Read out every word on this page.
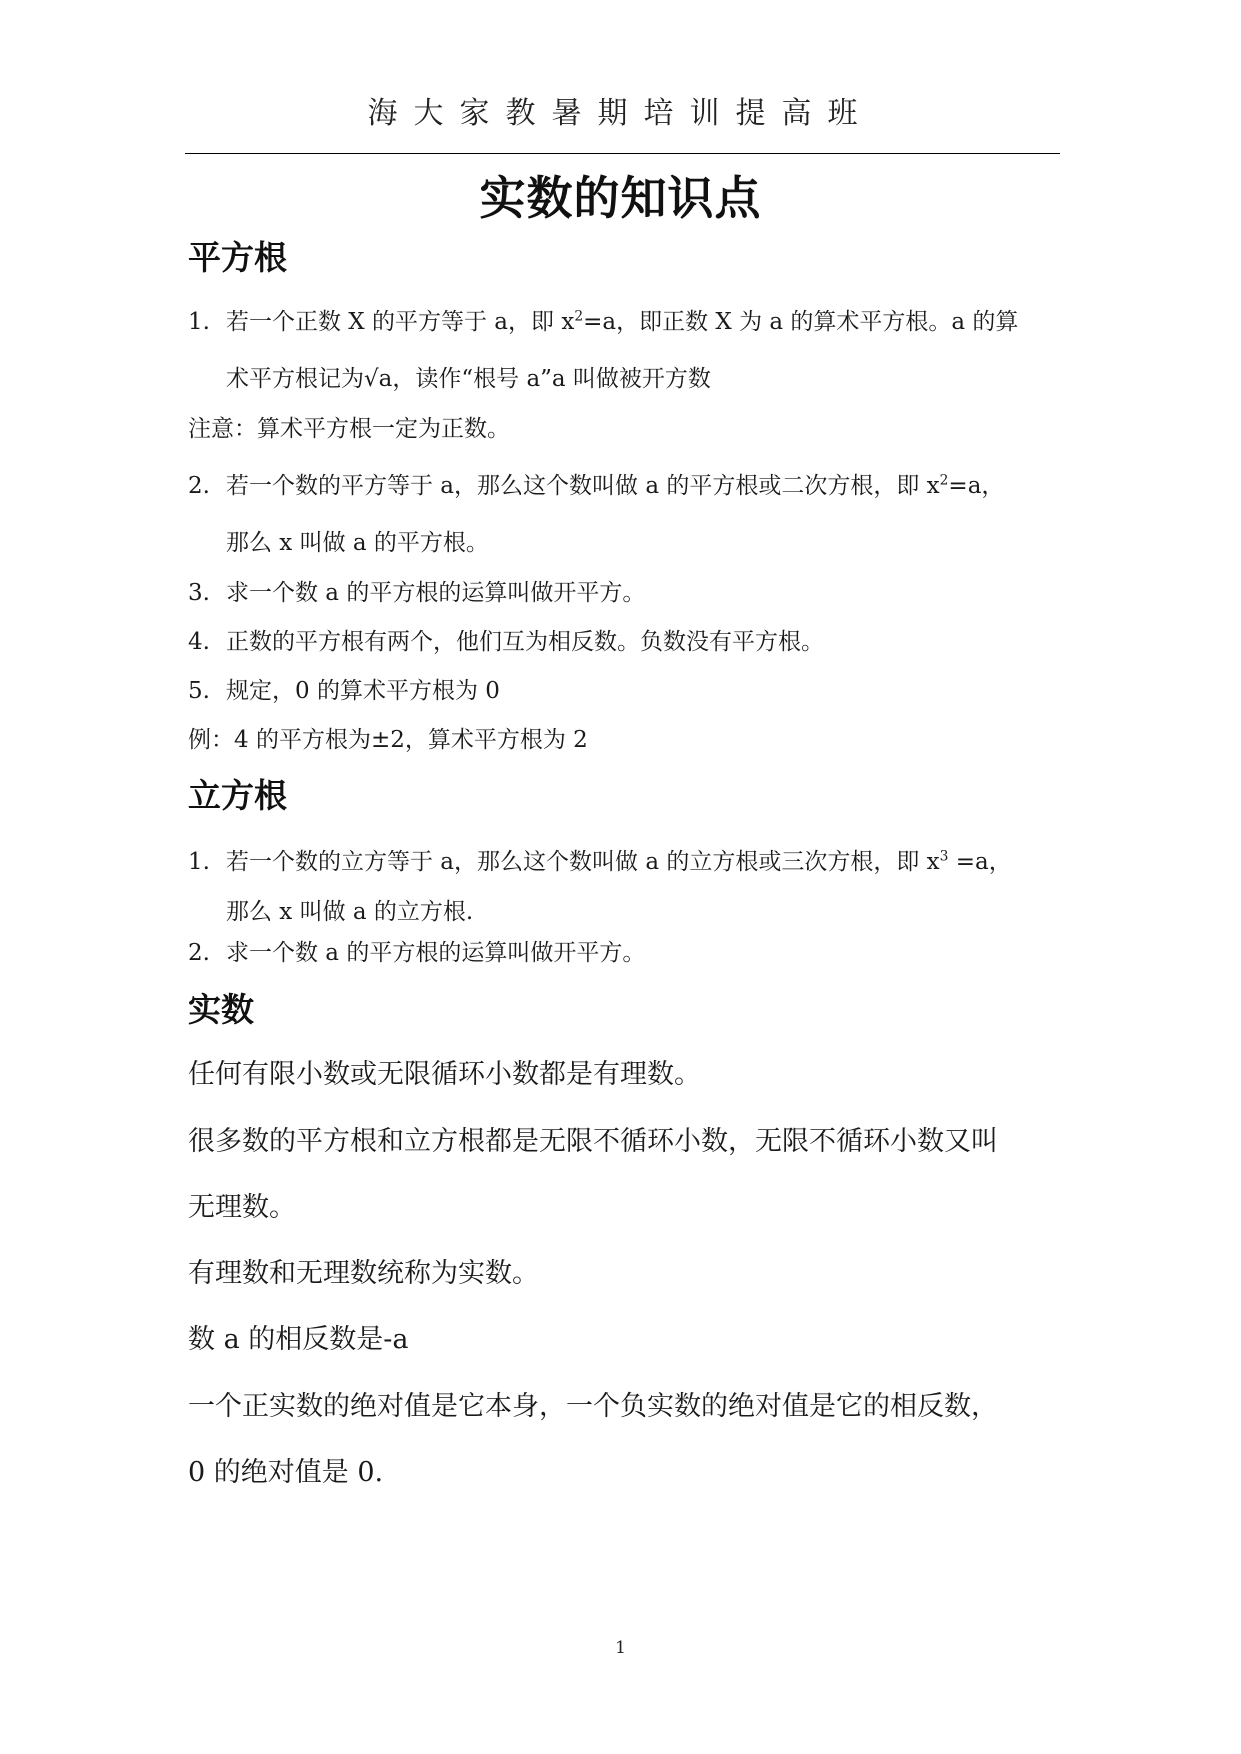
海大家教暑期培训提高班
实数的知识点
平方根
1. 若一个正数 X 的平方等于 a，即 $x^2=a$，即正数 X 为 a 的算术平方根。a 的算
术平方根记为√a，读作“根号 a”a 叫做被开方数
注意：算术平方根一定为正数。
2. 若一个数的平方等于 a，那么这个数叫做 a 的平方根或二次方根，即 $x^2=a$，
那么 x 叫做 a 的平方根。
3. 求一个数 a 的平方根的运算叫做开平方。
4. 正数的平方根有两个，他们互为相反数。负数没有平方根。
5. 规定，0 的算术平方根为 0
例：4 的平方根为±2，算术平方根为 2
立方根
1. 若一个数的立方等于 a，那么这个数叫做 a 的立方根或三次方根，即 $x^3 =a$，
那么 x 叫做 a 的立方根.
2. 求一个数 a 的平方根的运算叫做开平方。
实数
任何有限小数或无限循环小数都是有理数。
很多数的平方根和立方根都是无限不循环小数，无限不循环小数又叫
无理数。
有理数和无理数统称为实数。
数 a 的相反数是-a
一个正实数的绝对值是它本身，一个负实数的绝对值是它的相反数，
0 的绝对值是 0.
1
